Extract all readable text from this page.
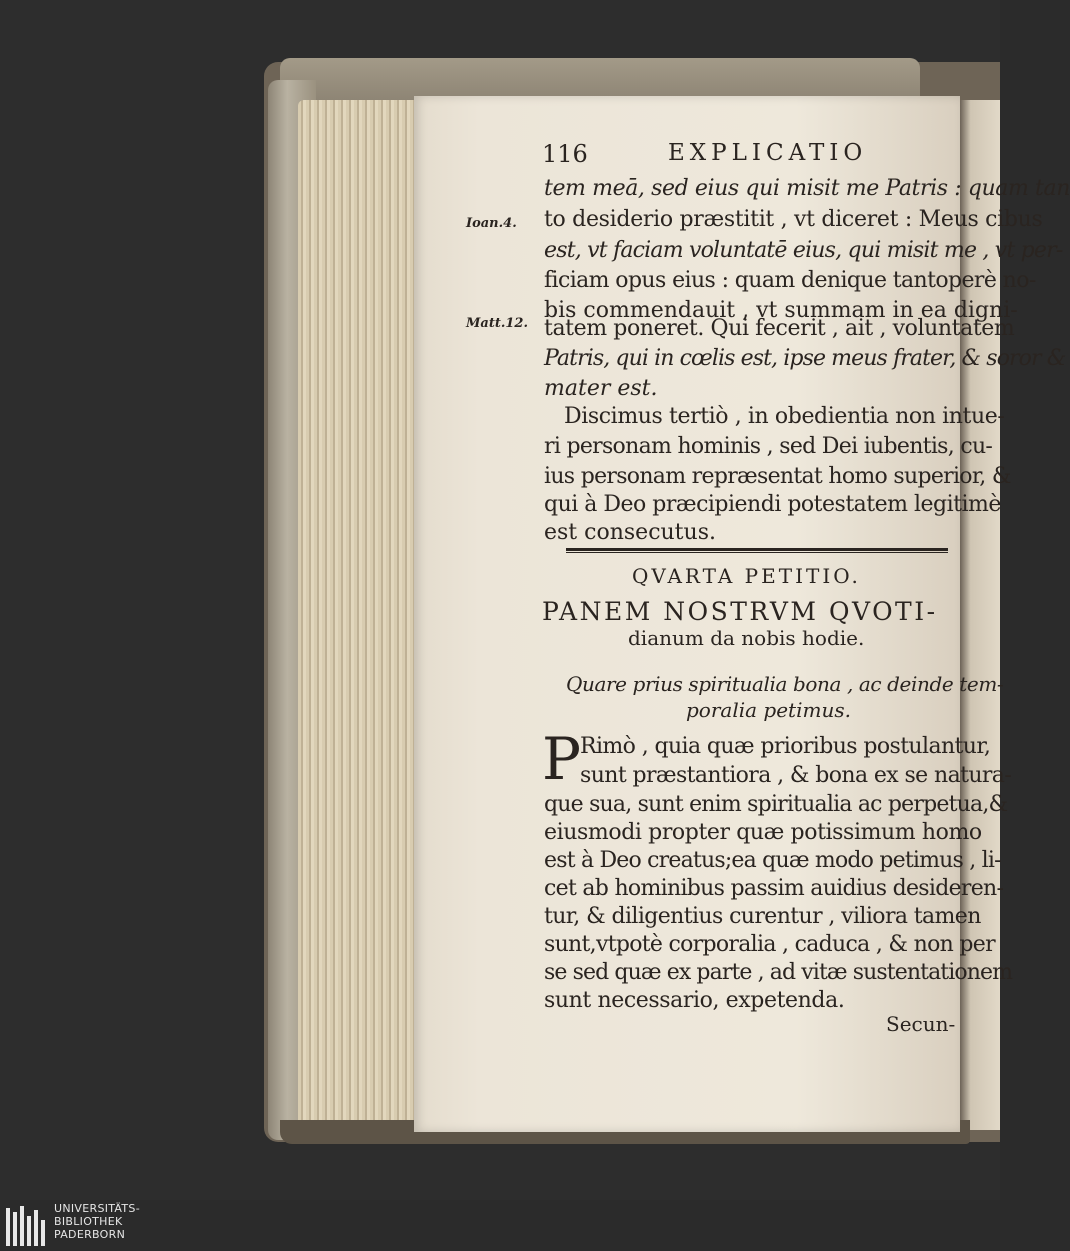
116	EXPLICATIO
Ioan.4.
Matt.12.
tem meā, sed eius qui misit me Patris : quam tan
to desiderio præstitit , vt diceret : Meus cibus
est, vt faciam voluntatē eius, qui misit me , vt per-
ficiam opus eius : quam denique tantoperè no-
bis commendauit , vt summam in ea digni-
tatem poneret. Qui fecerit , ait , voluntatem
Patris, qui in cœlis est, ipse meus frater, & soror &
mater est.
Discimus tertiò , in obedientia non intue-
ri personam hominis , sed Dei iubentis, cu-
ius personam repræsentat homo superior, &
qui à Deo præcipiendi potestatem legitimè
est consecutus.
QVARTA PETITIO.
PANEM NOSTRVM QVOTI-
dianum da nobis hodie.
Quare prius spiritualia bona , ac deinde tem-
poralia petimus.
P
Rimò , quia quæ prioribus postulantur,
sunt præstantiora , & bona ex se natura-
que sua, sunt enim spiritualia ac perpetua,&
eiusmodi propter quæ potissimum homo
est à Deo creatus;ea quæ modo petimus , li-
cet ab hominibus passim auidius desideren-
tur, & diligentius curentur , viliora tamen
sunt,vtpotè corporalia , caduca , & non per
se sed quæ ex parte , ad vitæ sustentationem
sunt necessario, expetenda.
Secun-
UNIVERSITÄTS-
BIBLIOTHEK
PADERBORN
